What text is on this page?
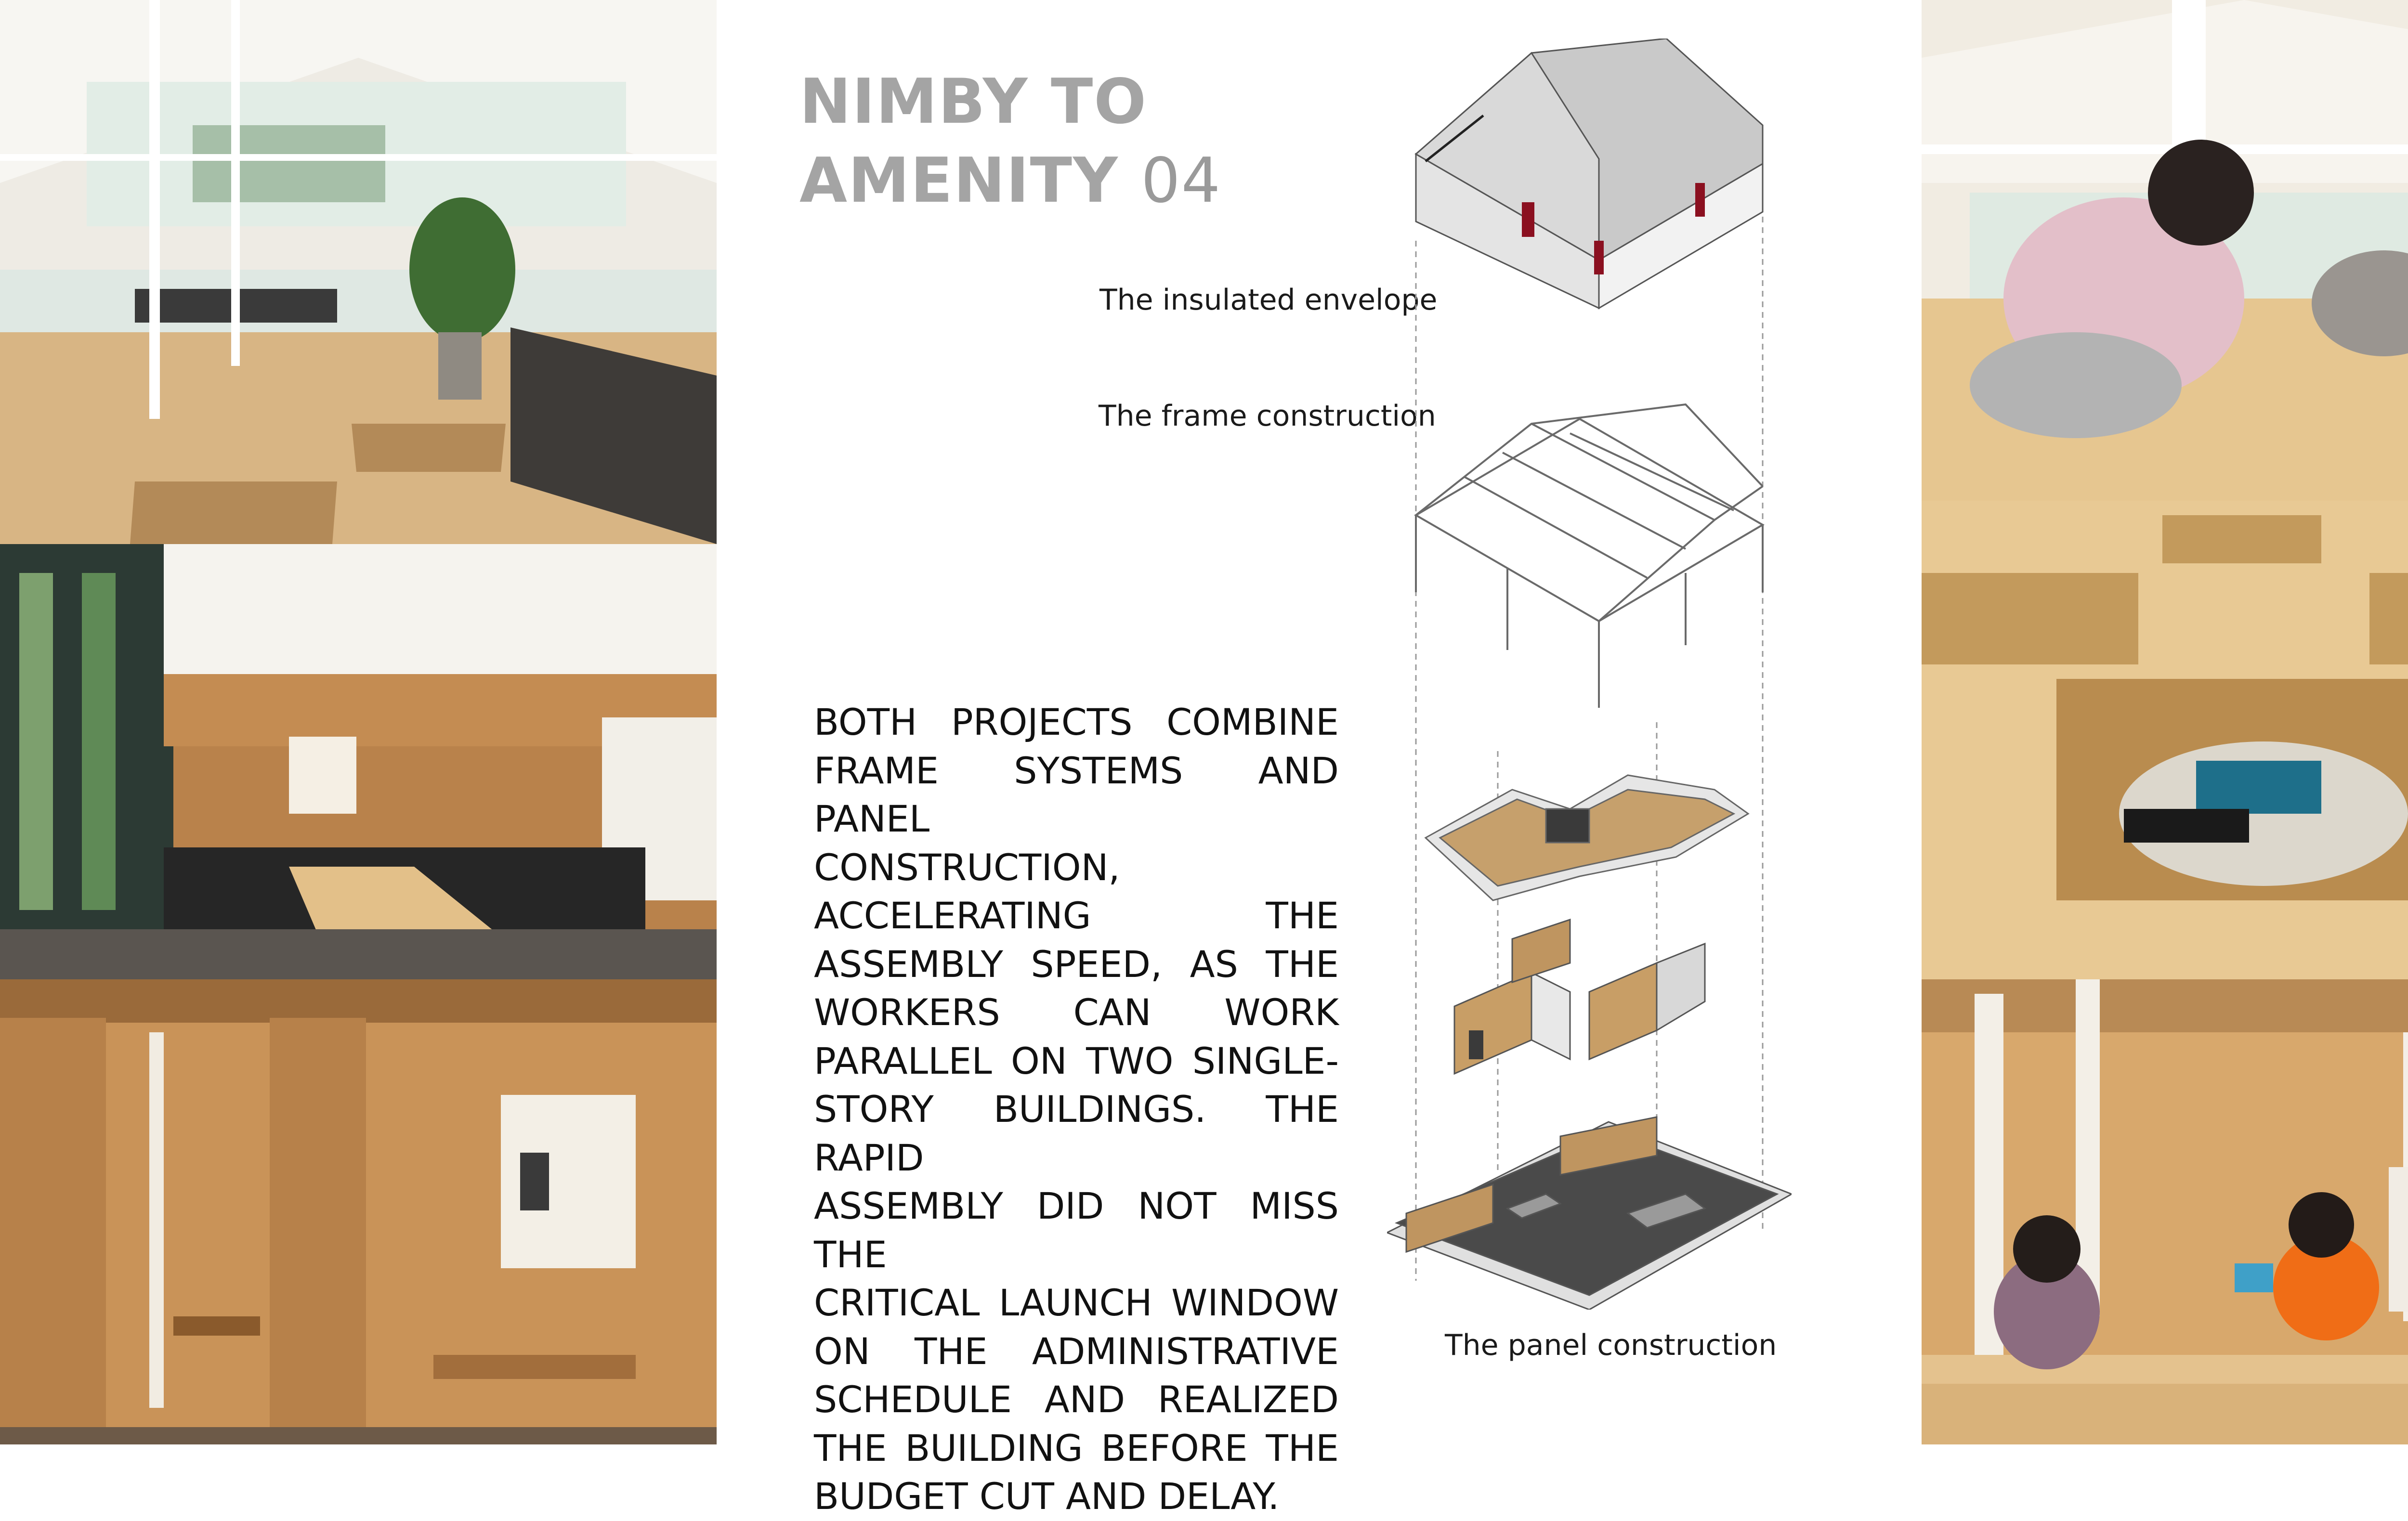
NIMBY TO
AMENITY 04
The insulated envelope
The frame construction
The panel construction
BOTH PROJECTS COMBINE
FRAME SYSTEMS AND PANEL
CONSTRUCTION,
ACCELERATING THE
ASSEMBLY SPEED, AS THE
WORKERS CAN WORK
PARALLEL ON TWO SINGLE-
STORY BUILDINGS. THE RAPID
ASSEMBLY DID NOT MISS THE
CRITICAL LAUNCH WINDOW
ON THE ADMINISTRATIVE
SCHEDULE AND REALIZED
THE BUILDING BEFORE THE
BUDGET CUT AND DELAY.
